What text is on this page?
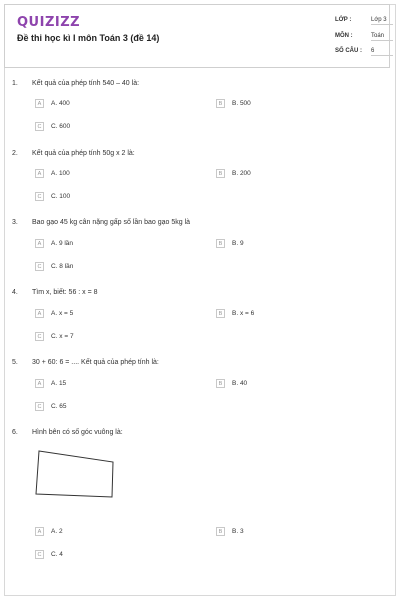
QUIZIZZ
Đề thi học kì I môn Toán 3 (đề 14)
LỚP :	Lớp 3
MÔN :	Toán
SỐ CÂU :	6
1. Kết quả của phép tính 540 – 40 là:
A	A. 400	B	B. 500
C	C. 600
2. Kết quả của phép tính 50g x 2 là:
A	A. 100	B	B. 200
C	C. 100
3. Bao gạo 45 kg cân nặng gấp số lần bao gạo 5kg là
A	A. 9 lần	B	B. 9
C	C. 8 lần
4. Tìm x, biết: 56 : x = 8
A	A. x = 5	B	B. x = 6
C	C. x = 7
5. 30 + 60: 6 = .... Kết quả của phép tính là:
A	A. 15	B	B. 40
C	C. 65
6. Hình bên có số góc vuông là:
A	A. 2	B	B. 3
C	C. 4
